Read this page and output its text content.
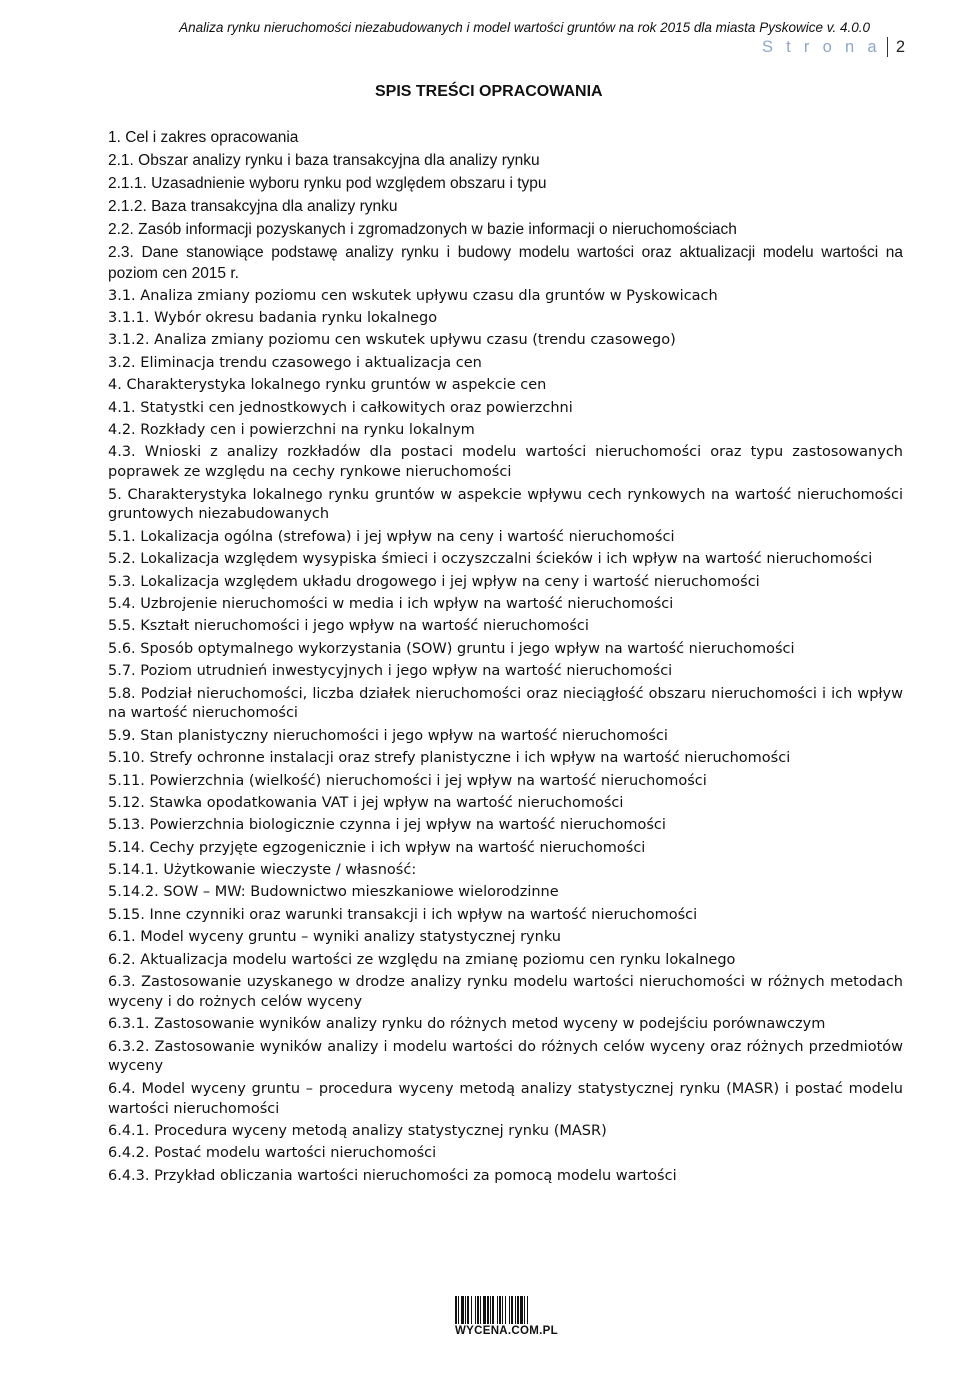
Analiza rynku nieruchomości niezabudowanych i model wartości gruntów na rok 2015 dla miasta Pyskowice v. 4.0.0
S t r o n a 2
SPIS TREŚCI OPRACOWANIA
1. Cel i zakres opracowania
2.1. Obszar analizy rynku i baza transakcyjna dla analizy rynku
2.1.1. Uzasadnienie wyboru rynku pod względem obszaru i typu
2.1.2. Baza transakcyjna dla analizy rynku
2.2. Zasób informacji pozyskanych i zgromadzonych w bazie informacji o nieruchomościach
2.3. Dane stanowiące podstawę analizy rynku i budowy modelu wartości oraz aktualizacji modelu wartości na poziom cen 2015 r.
3.1. Analiza zmiany poziomu cen wskutek upływu czasu dla gruntów w Pyskowicach
3.1.1. Wybór okresu badania rynku lokalnego
3.1.2. Analiza zmiany poziomu cen wskutek upływu czasu (trendu czasowego)
3.2. Eliminacja trendu czasowego i aktualizacja cen
4. Charakterystyka lokalnego rynku gruntów w aspekcie cen
4.1. Statystki cen jednostkowych i całkowitych oraz powierzchni
4.2. Rozkłady cen i powierzchni na rynku lokalnym
4.3. Wnioski z analizy rozkładów dla postaci modelu wartości nieruchomości oraz typu zastosowanych poprawek ze względu na cechy rynkowe nieruchomości
5. Charakterystyka lokalnego rynku gruntów w aspekcie wpływu cech rynkowych na wartość nieruchomości gruntowych niezabudowanych
5.1. Lokalizacja ogólna (strefowa) i jej wpływ na ceny i wartość nieruchomości
5.2. Lokalizacja względem wysypiska śmieci i oczyszczalni ścieków i ich wpływ na wartość nieruchomości
5.3. Lokalizacja względem układu drogowego i jej wpływ na ceny i wartość nieruchomości
5.4. Uzbrojenie nieruchomości w media i ich wpływ na wartość nieruchomości
5.5. Kształt nieruchomości i jego wpływ na wartość nieruchomości
5.6. Sposób optymalnego wykorzystania (SOW) gruntu i jego wpływ na wartość nieruchomości
5.7. Poziom utrudnień inwestycyjnych i jego wpływ na wartość nieruchomości
5.8. Podział nieruchomości, liczba działek nieruchomości oraz nieciągłość obszaru nieruchomości i ich wpływ na wartość nieruchomości
5.9. Stan planistyczny nieruchomości i jego wpływ na wartość nieruchomości
5.10. Strefy ochronne instalacji oraz strefy planistyczne i ich wpływ na wartość nieruchomości
5.11. Powierzchnia (wielkość) nieruchomości i jej wpływ na wartość nieruchomości
5.12. Stawka opodatkowania VAT i jej wpływ na wartość nieruchomości
5.13. Powierzchnia biologicznie czynna i jej wpływ na wartość nieruchomości
5.14. Cechy przyjęte egzogenicznie i ich wpływ na wartość nieruchomości
5.14.1. Użytkowanie wieczyste / własność:
5.14.2. SOW – MW: Budownictwo mieszkaniowe wielorodzinne
5.15. Inne czynniki oraz warunki transakcji i ich wpływ na wartość nieruchomości
6.1. Model wyceny gruntu – wyniki analizy statystycznej rynku
6.2. Aktualizacja modelu wartości ze względu na zmianę poziomu cen rynku lokalnego
6.3. Zastosowanie uzyskanego w drodze analizy rynku modelu wartości nieruchomości w różnych metodach wyceny i do rożnych celów wyceny
6.3.1. Zastosowanie wyników analizy rynku do różnych metod wyceny w podejściu porównawczym
6.3.2. Zastosowanie wyników analizy i modelu wartości do różnych celów wyceny oraz różnych przedmiotów wyceny
6.4. Model wyceny gruntu – procedura wyceny metodą analizy statystycznej rynku (MASR) i postać modelu wartości nieruchomości
6.4.1. Procedura wyceny metodą analizy statystycznej rynku (MASR)
6.4.2. Postać modelu wartości nieruchomości
6.4.3. Przykład obliczania wartości nieruchomości za pomocą modelu wartości
WYCENA.COM.PL
